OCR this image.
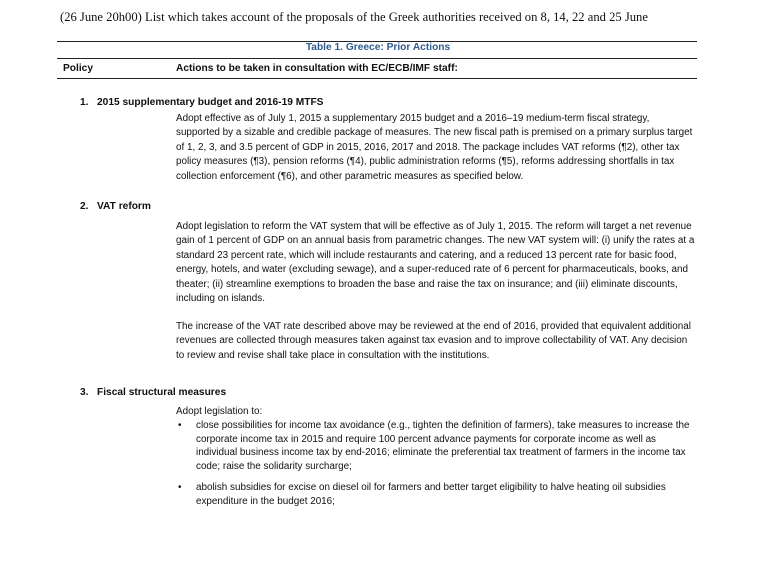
(26 June 20h00) List which takes account of the proposals of the Greek authorities received on 8, 14, 22 and 25 June
Table 1. Greece: Prior Actions
Policy	Actions to be taken in consultation with EC/ECB/IMF staff:
1. 2015 supplementary budget and 2016-19 MTFS

Adopt effective as of July 1, 2015 a supplementary 2015 budget and a 2016–19 medium-term fiscal strategy, supported by a sizable and credible package of measures. The new fiscal path is premised on a primary surplus target of 1, 2, 3, and 3.5 percent of GDP in 2015, 2016, 2017 and 2018. The package includes VAT reforms (¶2), other tax policy measures (¶3), pension reforms (¶4), public administration reforms (¶5), reforms addressing shortfalls in tax collection enforcement (¶6), and other parametric measures as specified below.

2. VAT reform

Adopt legislation to reform the VAT system that will be effective as of July 1, 2015. The reform will target a net revenue gain of 1 percent of GDP on an annual basis from parametric changes. The new VAT system will: (i) unify the rates at a standard 23 percent rate, which will include restaurants and catering, and a reduced 13 percent rate for basic food, energy, hotels, and water (excluding sewage), and a super-reduced rate of 6 percent for pharmaceuticals, books, and theater; (ii) streamline exemptions to broaden the base and raise the tax on insurance; and (iii) eliminate discounts, including on islands.

The increase of the VAT rate described above may be reviewed at the end of 2016, provided that equivalent additional revenues are collected through measures taken against tax evasion and to improve collectability of VAT. Any decision to review and revise shall take place in consultation with the institutions.

3. Fiscal structural measures

Adopt legislation to:

• close possibilities for income tax avoidance (e.g., tighten the definition of farmers), take measures to increase the corporate income tax in 2015 and require 100 percent advance payments for corporate income as well as individual business income tax by end-2016; eliminate the preferential tax treatment of farmers in the income tax code; raise the solidarity surcharge;
• abolish subsidies for excise on diesel oil for farmers and better target eligibility to halve heating oil subsidies expenditure in the budget 2016;
